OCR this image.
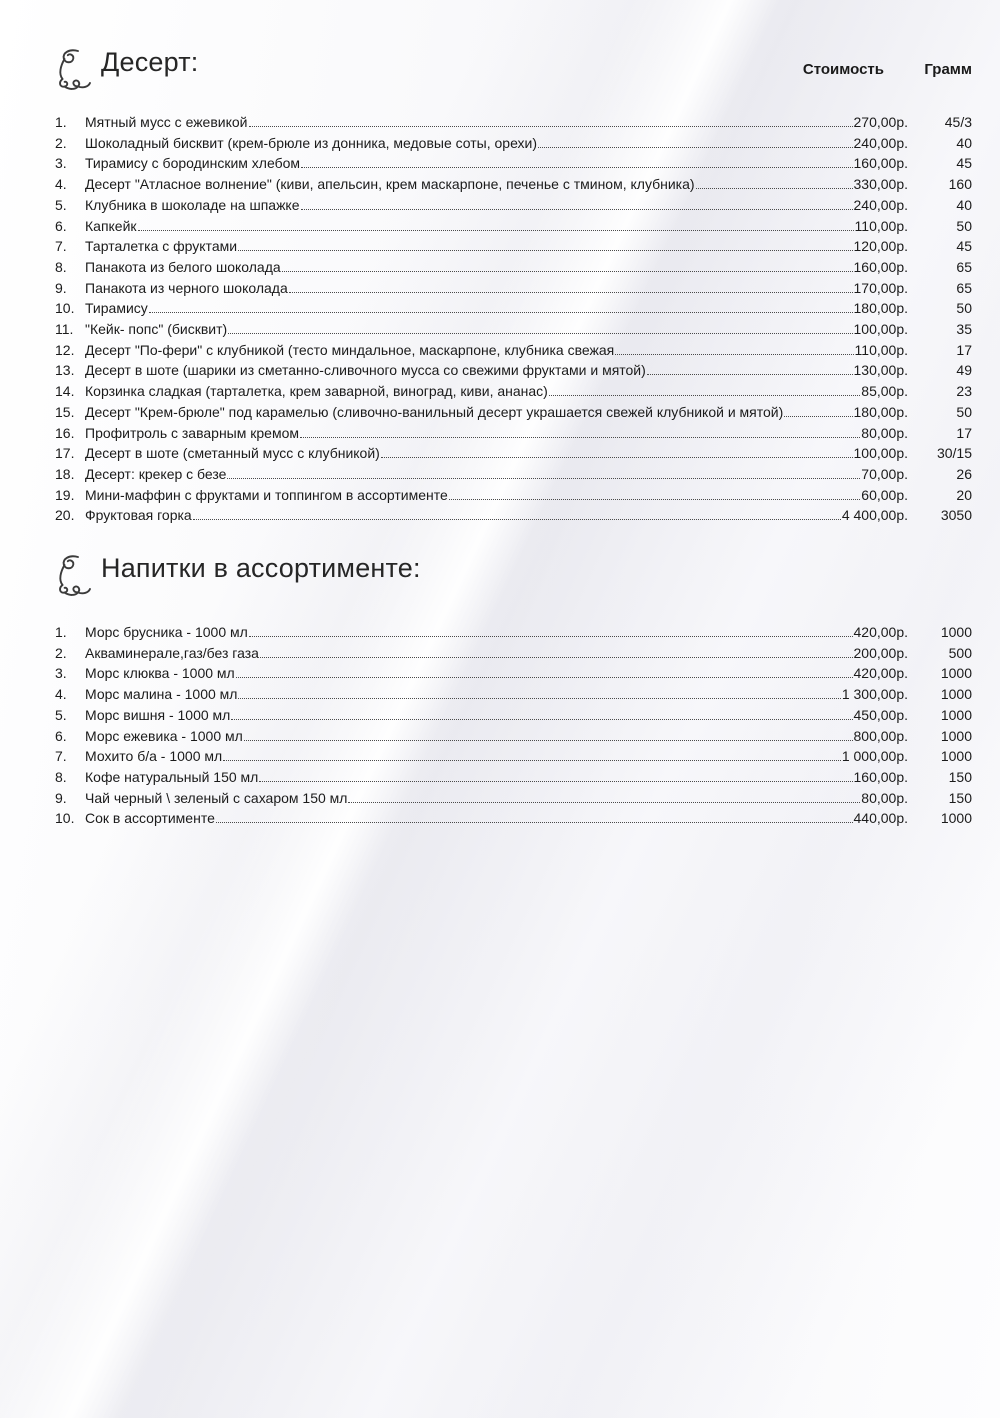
Десерт:	Стоимость	Грамм
1.	Мятный мусс с ежевикой	270,00р.	45/3
2.	Шоколадный бисквит (крем-брюле из донника, медовые соты, орехи)	240,00р.	40
3.	Тирамису с бородинским хлебом	160,00р.	45
4.	Десерт "Атласное волнение" (киви, апельсин, крем маскарпоне, печенье с тмином, клубника)	330,00р.	160
5.	Клубника в шоколаде на шпажке	240,00р.	40
6.	Капкейк	110,00р.	50
7.	Тарталетка с фруктами	120,00р.	45
8.	Панакота из белого шоколада	160,00р.	65
9.	Панакота из черного шоколада	170,00р.	65
10. Тирамису	180,00р.	50
11. "Кейк- попс" (бисквит)	100,00р.	35
12. Десерт "По-фери" с клубникой (тесто миндальное, маскарпоне, клубника свежая	110,00р.	17
13. Десерт в шоте (шарики из сметанно-сливочного мусса со свежими фруктами и мятой)	130,00р.	49
14. Корзинка сладкая (тарталетка, крем заварной, виноград, киви, ананас)	85,00р.	23
15. Десерт "Крем-брюле" под карамелью (сливочно-ванильный десерт украшается свежей клубникой и мятой)	180,00р.	50
16. Профитроль с заварным кремом	80,00р.	17
17. Десерт в шоте (сметанный мусс с клубникой)	100,00р.	30/15
18. Десерт: крекер с безе	70,00р.	26
19. Мини-маффин с фруктами и топпингом в ассортименте	60,00р.	20
20. Фруктовая горка	4 400,00р.	3050
Напитки в ассортименте:
1.	Морс брусника - 1000 мл	420,00р.	1000
2.	Акваминерале,газ/без газа	200,00р.	500
3.	Морс клюква - 1000 мл	420,00р.	1000
4.	Морс малина - 1000 мл	1 300,00р.	1000
5.	Морс вишня - 1000 мл	450,00р.	1000
6.	Морс ежевика - 1000 мл	800,00р.	1000
7.	Мохито б/а - 1000 мл	1 000,00р.	1000
8.	Кофе натуральный 150 мл	160,00р.	150
9.	Чай черный \ зеленый с сахаром 150 мл	80,00р.	150
10. Сок в ассортименте	440,00р.	1000
